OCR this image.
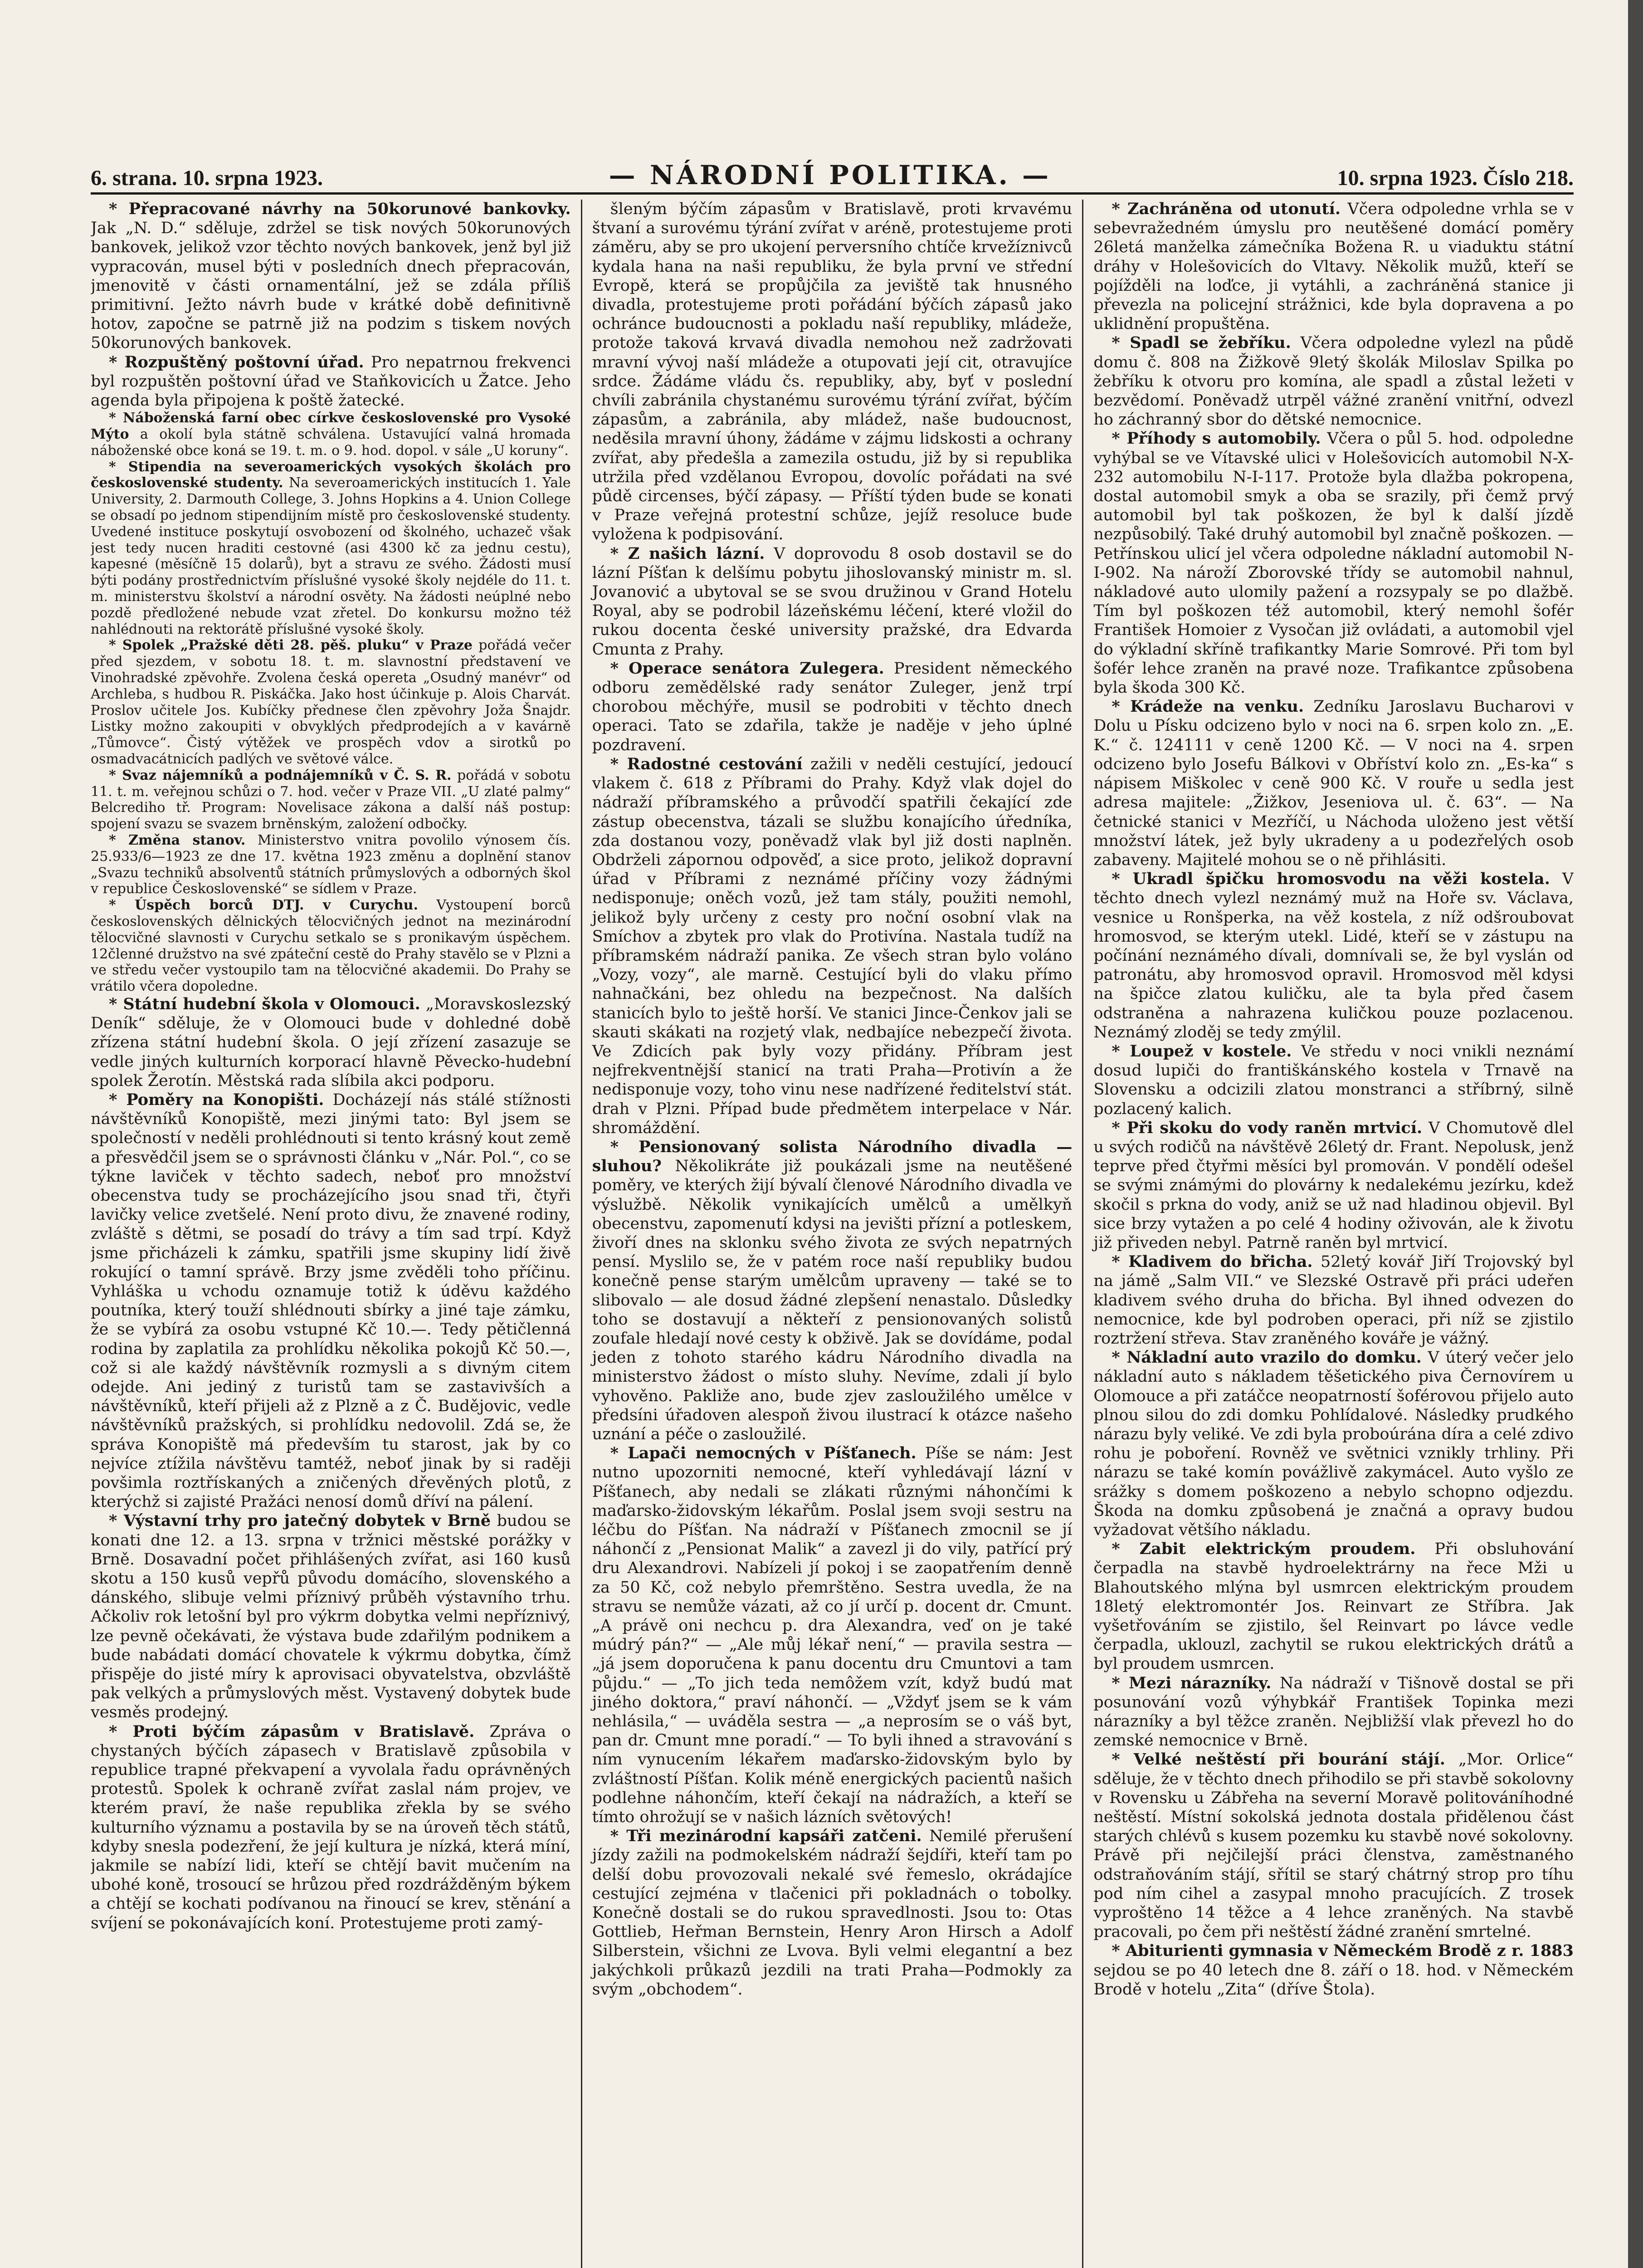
6. strana. 10. srpna 1923.	— NÁRODNÍ POLITIKA. —	10. srpna 1923. Číslo 218.

* Přepracované návrhy na 50korunové bankovky. Jak „N. D.“ sděluje, zdržel se tisk nových 50korunových bankovek, jelikož vzor těchto nových bankovek, jenž byl již vypracován, musel býti v posledních dnech přepracován, jmenovitě v části ornamentální, jež se zdála příliš primitivní. Ježto návrh bude v krátké době definitivně hotov, započne se patrně již na podzim s tiskem nových 50korunových bankovek.

* Rozpuštěný poštovní úřad. Pro nepatrnou frekvenci byl rozpuštěn poštovní úřad ve Staňkovicích u Žatce. Jeho agenda byla připojena k poště žatecké.

* Náboženská farní obec církve československé pro Vysoké Mýto a okolí byla státně schválena. Ustavující valná hromada náboženské obce koná se 19. t. m. o 9. hod. dopol. v sále „U koruny“.

* Stipendia na severoamerických vysokých školách pro československé studenty. Na severoamerických institucích 1. Yale University, 2. Darmouth College, 3. Johns Hopkins a 4. Union College se obsadí po jednom stipendijním místě pro československé studenty. Uvedené instituce poskytují osvobození od školného, uchazeč však jest tedy nucen hraditi cestovné (asi 4300 kč za jednu cestu), kapesné (měsíčně 15 dolarů), byt a stravu ze svého. Žádosti musí býti podány prostřednictvím příslušné vysoké školy nejdéle do 11. t. m. ministerstvu školství a národní osvěty. Na žádosti neúplné nebo pozdě předložené nebude vzat zřetel. Do konkursu možno též nahlédnouti na rektorátě příslušné vysoké školy.

* Spolek „Pražské děti 28. pěš. pluku“ v Praze pořádá večer před sjezdem, v sobotu 18. t. m. slavnostní představení ve Vinohradské zpěvohře. Zvolena česká opereta „Osudný manévr“ od Archleba, s hudbou R. Piskáčka. Jako host účinkuje p. Alois Charvát. Proslov učitele Jos. Kubíčky přednese člen zpěvohry Joža Šnajdr. Listky možno zakoupiti v obvyklých předprodejích a v kavárně „Tůmovce“. Čistý výtěžek ve prospěch vdov a sirotků po osmadvacátnicích padlých ve světové válce.

* Svaz nájemníků a podnájemníků v Č. S. R. pořádá v sobotu 11. t. m. veřejnou schůzi o 7. hod. večer v Praze VII. „U zlaté palmy“ Belcrediho tř. Program: Novelisace zákona a další náš postup: spojení svazu se svazem brněnským, založení odbočky.

* Změna stanov. Ministerstvo vnitra povolilo výnosem čís. 25.933/6—1923 ze dne 17. května 1923 změnu a doplnění stanov „Svazu techniků absolventů státních průmyslových a odborných škol v republice Československé“ se sídlem v Praze.

* Úspěch borců DTJ. v Curychu. Vystoupení borců československých dělnických tělocvičných jednot na mezinárodní tělocvičné slavnosti v Curychu setkalo se s pronikavým úspěchem. 12členné družstvo na své zpáteční cestě do Prahy stavělo se v Plzni a ve středu večer vystoupilo tam na tělocvičné akademii. Do Prahy se vrátilo včera dopoledne.

* Státní hudební škola v Olomouci. „Moravskoslezský Deník“ sděluje, že v Olomouci bude v dohledné době zřízena státní hudební škola. O její zřízení zasazuje se vedle jiných kulturních korporací hlavně Pěvecko-hudební spolek Žerotín. Městská rada slíbila akci podporu.

* Poměry na Konopišti. Docházejí nás stálé stížnosti návštěvníků Konopiště, mezi jinými tato: Byl jsem se společností v neděli prohlédnouti si tento krásný kout země a přesvědčil jsem se o správnosti článku v „Nár. Pol.“, co se týkne laviček v těchto sadech, neboť pro množství obecenstva tudy se procházejícího jsou snad tři, čtyři lavičky velice zvetšelé. Není proto divu, že znavené rodiny, zvláště s dětmi, se posadí do trávy a tím sad trpí. Když jsme přicházeli k zámku, spatřili jsme skupiny lidí živě rokující o tamní správě. Brzy jsme zvěděli toho příčinu. Vyhláška u vchodu oznamuje totiž k úděvu každého poutníka, který touží shlédnouti sbírky a jiné taje zámku, že se vybírá za osobu vstupné Kč 10.—. Tedy pětičlenná rodina by zaplatila za prohlídku několika pokojů Kč 50.—, což si ale každý návštěvník rozmysli a s divným citem odejde. Ani jediný z turistů tam se zastavivších a návštěvníků, kteří přijeli až z Plzně a z Č. Budějovic, vedle návštěvníků pražských, si prohlídku nedovolil. Zdá se, že správa Konopiště má především tu starost, jak by co nejvíce ztížila návštěvu tamtéž, neboť jinak by si raději povšimla roztřískaných a zničených dřevěných plotů, z kterýchž si zajisté Pražáci nenosí domů dříví na pálení.

* Výstavní trhy pro jatečný dobytek v Brně budou se konati dne 12. a 13. srpna v tržnici městské porážky v Brně. Dosavadní počet přihlášených zvířat, asi 160 kusů skotu a 150 kusů vepřů původu domácího, slovenského a dánského, slibuje velmi příznivý průběh výstavního trhu. Ačkoliv rok letošní byl pro výkrm dobytka velmi nepříznivý, lze pevně očekávati, že výstava bude zdařilým podnikem a bude nabádati domácí chovatele k výkrmu dobytka, čímž přispěje do jisté míry k aprovisaci obyvatelstva, obzvláště pak velkých a průmyslových měst. Vystavený dobytek bude vesměs prodejný.

* Proti býčím zápasům v Bratislavě. Zpráva o chystaných býčích zápasech v Bratislavě způsobila v republice trapné překvapení a vyvolala řadu oprávněných protestů. Spolek k ochraně zvířat zaslal nám projev, ve kterém praví, že naše republika zřekla by se svého kulturního významu a postavila by se na úroveň těch států, kdyby snesla podezření, že její kultura je nízká, která míní, jakmile se nabízí lidi, kteří se chtějí bavit mučením na ubohé koně, trosoucí se hrůzou před rozdrážděným býkem a chtějí se kochati podívanou na řinoucí se krev, stěnání a svíjení se pokonávajících koní. Protestujeme proti zamý-

šleným býčím zápasům v Bratislavě, proti krvavému štvaní a surovému týrání zvířat v aréně, protestujeme proti záměru, aby se pro ukojení perversního chtíče krvežíznivců kydala hana na naši republiku, že byla první ve střední Evropě, která se propůjčila za jeviště tak hnusného divadla, protestujeme proti pořádání býčích zápasů jako ochránce budoucnosti a pokladu naší republiky, mládeže, protože taková krvavá divadla nemohou než zadržovati mravní vývoj naší mládeže a otupovati její cit, otravujíce srdce. Žádáme vládu čs. republiky, aby, byť v poslední chvíli zabránila chystanému surovému týrání zvířat, býčím zápasům, a zabránila, aby mládež, naše budoucnost, neděsila mravní úhony, žádáme v zájmu lidskosti a ochrany zvířat, aby předešla a zamezila ostudu, již by si republika utržila před vzdělanou Evropou, dovolíc pořádati na své půdě circenses, býčí zápasy. — Příští týden bude se konati v Praze veřejná protestní schůze, jejíž resoluce bude vyložena k podpisování.

* Z našich lázní. V doprovodu 8 osob dostavil se do lázní Píšťan k delšímu pobytu jihoslovanský ministr m. sl. Jovanović a ubytoval se se svou družinou v Grand Hotelu Royal, aby se podrobil lázeňskému léčení, které vložil do rukou docenta české university pražské, dra Edvarda Cmunta z Prahy.

* Operace senátora Zulegera. President německého odboru zemědělské rady senátor Zuleger, jenž trpí chorobou měchýře, musil se podrobiti v těchto dnech operaci. Tato se zdařila, takže je naděje v jeho úplné pozdravení.

* Radostné cestování zažili v neděli cestující, jedoucí vlakem č. 618 z Příbrami do Prahy. Když vlak dojel do nádraží příbramského a průvodčí spatřili čekající zde zástup obecenstva, tázali se službu konajícího úředníka, zda dostanou vozy, poněvadž vlak byl již dosti naplněn. Obdrželi zápornou odpověď, a sice proto, jelikož dopravní úřad v Příbrami z neznámé příčiny vozy žádnými nedisponuje; oněch vozů, jež tam stály, použiti nemohl, jelikož byly určeny z cesty pro noční osobní vlak na Smíchov a zbytek pro vlak do Protivína. Nastala tudíž na příbramském nádraží panika. Ze všech stran bylo voláno „Vozy, vozy“, ale marně. Cestující byli do vlaku přímo nahnačkáni, bez ohledu na bezpečnost. Na dalších stanicích bylo to ještě horší. Ve stanici Jince-Čenkov jali se skauti skákati na rozjetý vlak, nedbajíce nebezpečí života. Ve Zdicích pak byly vozy přidány. Příbram jest nejfrekventnější stanicí na trati Praha—Protivín a že nedisponuje vozy, toho vinu nese nadřízené ředitelství stát. drah v Plzni. Případ bude předmětem interpelace v Nár. shromáždění.

* Pensionovaný solista Národního divadla — sluhou? Několikráte již poukázali jsme na neutěšené poměry, ve kterých žijí bývalí členové Národního divadla ve výslužbě. Několik vynikajících umělců a umělkyň obecenstvu, zapomenutí kdysi na jevišti přízní a potleskem, živoří dnes na sklonku svého života ze svých nepatrných pensí. Myslilo se, že v patém roce naší republiky budou konečně pense starým umělcům upraveny — také se to slibovalo — ale dosud žádné zlepšení nenastalo. Důsledky toho se dostavují a někteří z pensionovaných solistů zoufale hledají nové cesty k obživě. Jak se dovídáme, podal jeden z tohoto starého kádru Národního divadla na ministerstvo žádost o místo sluhy. Nevíme, zdali jí bylo vyhověno. Pakliže ano, bude zjev zasloužilého umělce v předsíni úřadoven alespoň živou ilustrací k otázce našeho uznání a péče o zasloužilé.

* Lapači nemocných v Píšťanech. Píše se nám: Jest nutno upozorniti nemocné, kteří vyhledávají lázní v Píšťanech, aby nedali se zlákati různými náhončími k maďarsko-židovským lékařům. Poslal jsem svoji sestru na léčbu do Píšťan. Na nádraží v Píšťanech zmocnil se jí náhončí z „Pensionat Malik“ a zavezl ji do vily, patřící prý dru Alexandrovi. Nabízeli jí pokoj i se zaopatřením denně za 50 Kč, což nebylo přemrštěno. Sestra uvedla, že na stravu se nemůže vázati, až co jí určí p. docent dr. Cmunt. „A právě oni nechcu p. dra Alexandra, veď on je také múdrý pán?“ — „Ale můj lékař není,“ — pravila sestra — „já jsem doporučena k panu docentu dru Cmuntovi a tam půjdu.“ — „To jich teda nemôžem vzít, když budú mat jiného doktora,“ praví náhončí. — „Vždyť jsem se k vám nehlásila,“ — uváděla sestra — „a neprosím se o váš byt, pan dr. Cmunt mne poradí.“ — To byli ihned a stravování s ním vynucením lékařem maďarsko-židovským bylo by zvláštností Píšťan. Kolik méně energických pacientů našich podlehne náhončím, kteří čekají na nádražích, a kteří se tímto ohrožují se v našich lázních světových!

* Tři mezinárodní kapsáři zatčeni. Nemilé přerušení jízdy zažili na podmokelském nádraží šejdíři, kteří tam po delší dobu provozovali nekalé své řemeslo, okrádajíce cestující zejména v tlačenici při pokladnách o tobolky. Konečně dostali se do rukou spravedlnosti. Jsou to: Otas Gottlieb, Heřman Bernstein, Henry Aron Hirsch a Adolf Silberstein, všichni ze Lvova. Byli velmi elegantní a bez jakýchkoli průkazů jezdili na trati Praha—Podmokly za svým „obchodem“.

* Zachráněna od utonutí. Včera odpoledne vrhla se v sebevražedném úmyslu pro neutěšené domácí poměry 26letá manželka zámečníka Božena R. u viaduktu státní dráhy v Holešovicích do Vltavy. Několik mužů, kteří se pojížděli na loďce, ji vytáhli, a zachráněná stanice ji převezla na policejní strážnici, kde byla dopravena a po uklidnění propuštěna.

* Spadl se žebříku. Včera odpoledne vylezl na půdě domu č. 808 na Žižkově 9letý školák Miloslav Spilka po žebříku k otvoru pro komína, ale spadl a zůstal ležeti v bezvědomí. Poněvadž utrpěl vážné zranění vnitřní, odvezl ho záchranný sbor do dětské nemocnice.

* Příhody s automobily. Včera o půl 5. hod. odpoledne vyhýbal se ve Vítavské ulici v Holešovicích automobil N-X-232 automobilu N-I-117. Protože byla dlažba pokropena, dostal automobil smyk a oba se srazily, při čemž prvý automobil byl tak poškozen, že byl k další jízdě nezpůsobilý. Také druhý automobil byl značně poškozen. — Petřínskou ulicí jel včera odpoledne nákladní automobil N-I-902. Na nároží Zborovské třídy se automobil nahnul, nákladové auto ulomily pažení a rozsypaly se po dlažbě. Tím byl poškozen též automobil, který nemohl šofér František Homoier z Vysočan již ovládati, a automobil vjel do výkladní skříně trafikantky Marie Somrové. Při tom byl šofér lehce zraněn na pravé noze. Trafikantce způsobena byla škoda 300 Kč.

* Krádeže na venku. Zedníku Jaroslavu Bucharovi v Dolu u Písku odcizeno bylo v noci na 6. srpen kolo zn. „E. K.“ č. 124111 v ceně 1200 Kč. — V noci na 4. srpen odcizeno bylo Josefu Bálkovi v Obříství kolo zn. „Es-ka“ s nápisem Miškolec v ceně 900 Kč. V rouře u sedla jest adresa majitele: „Žižkov, Jeseniova ul. č. 63“. — Na četnické stanici v Mezříčí, u Náchoda uloženo jest větší množství látek, jež byly ukradeny a u podezřelých osob zabaveny. Majitelé mohou se o ně přihlásiti.

* Ukradl špičku hromosvodu na věži kostela. V těchto dnech vylezl neznámý muž na Hoře sv. Václava, vesnice u Ronšperka, na věž kostela, z níž odšroubovat hromosvod, se kterým utekl. Lidé, kteří se v zástupu na počínání neznámého dívali, domnívali se, že byl vyslán od patronátu, aby hromosvod opravil. Hromosvod měl kdysi na špičce zlatou kuličku, ale ta byla před časem odstraněna a nahrazena kuličkou pouze pozlacenou. Neznámý zloděj se tedy zmýlil.

* Loupež v kostele. Ve středu v noci vnikli neznámí dosud lupiči do františkánského kostela v Trnavě na Slovensku a odcizili zlatou monstranci a stříbrný, silně pozlacený kalich.

* Při skoku do vody raněn mrtvicí. V Chomutově dlel u svých rodičů na návštěvě 26letý dr. Frant. Nepolusk, jenž teprve před čtyřmi měsíci byl promován. V pondělí odešel se svými známými do plovárny k nedalekému jezírku, kdež skočil s prkna do vody, aniž se už nad hladinou objevil. Byl sice brzy vytažen a po celé 4 hodiny oživován, ale k životu již přiveden nebyl. Patrně raněn byl mrtvicí.

* Kladivem do břicha. 52letý kovář Jiří Trojovský byl na jámě „Salm VII.“ ve Slezské Ostravě při práci udeřen kladivem svého druha do břicha. Byl ihned odvezen do nemocnice, kde byl podroben operaci, při níž se zjistilo roztržení střeva. Stav zraněného kováře je vážný.

* Nákladní auto vrazilo do domku. V úterý večer jelo nákladní auto s nákladem těšetického piva Černovírem u Olomouce a při zatáčce neopatrností šoférovou přijelo auto plnou silou do zdi domku Pohlídalové. Následky prudkého nárazu byly veliké. Ve zdi byla proboúrána díra a celé zdivo rohu je poboření. Rovněž ve světnici vznikly trhliny. Při nárazu se také komín povážlivě zakymácel. Auto vyšlo ze srážky s domem poškozeno a nebylo schopno odjezdu. Škoda na domku způsobená je značná a opravy budou vyžadovat většího nákladu.

* Zabit elektrickým proudem. Při obsluhování čerpadla na stavbě hydroelektrárny na řece Mži u Blahoutského mlýna byl usmrcen elektrickým proudem 18letý elektromontér Jos. Reinvart ze Stříbra. Jak vyšetřováním se zjistilo, šel Reinvart po lávce vedle čerpadla, uklouzl, zachytil se rukou elektrických drátů a byl proudem usmrcen.

* Mezi nárazníky. Na nádraží v Tišnově dostal se při posunování vozů výhybkář František Topinka mezi nárazníky a byl těžce zraněn. Nejbližší vlak převezl ho do zemské nemocnice v Brně.

* Velké neštěstí při bourání stájí. „Mor. Orlice“ sděluje, že v těchto dnech přihodilo se při stavbě sokolovny v Rovensku u Zábřeha na severní Moravě politováníhodné neštěstí. Místní sokolská jednota dostala přidělenou část starých chlévů s kusem pozemku ku stavbě nové sokolovny. Právě při nejčilejší práci členstva, zaměstnaného odstraňováním stájí, sřítil se starý chátrný strop pro tíhu pod ním cihel a zasypal mnoho pracujících. Z trosek vyproštěno 14 těžce a 4 lehce zraněných. Na stavbě pracovali, po čem při neštěstí žádné zranění smrtelné.

* Abiturienti gymnasia v Německém Brodě z r. 1883 sejdou se po 40 letech dne 8. září o 18. hod. v Německém Brodě v hotelu „Zita“ (dříve Štola).
